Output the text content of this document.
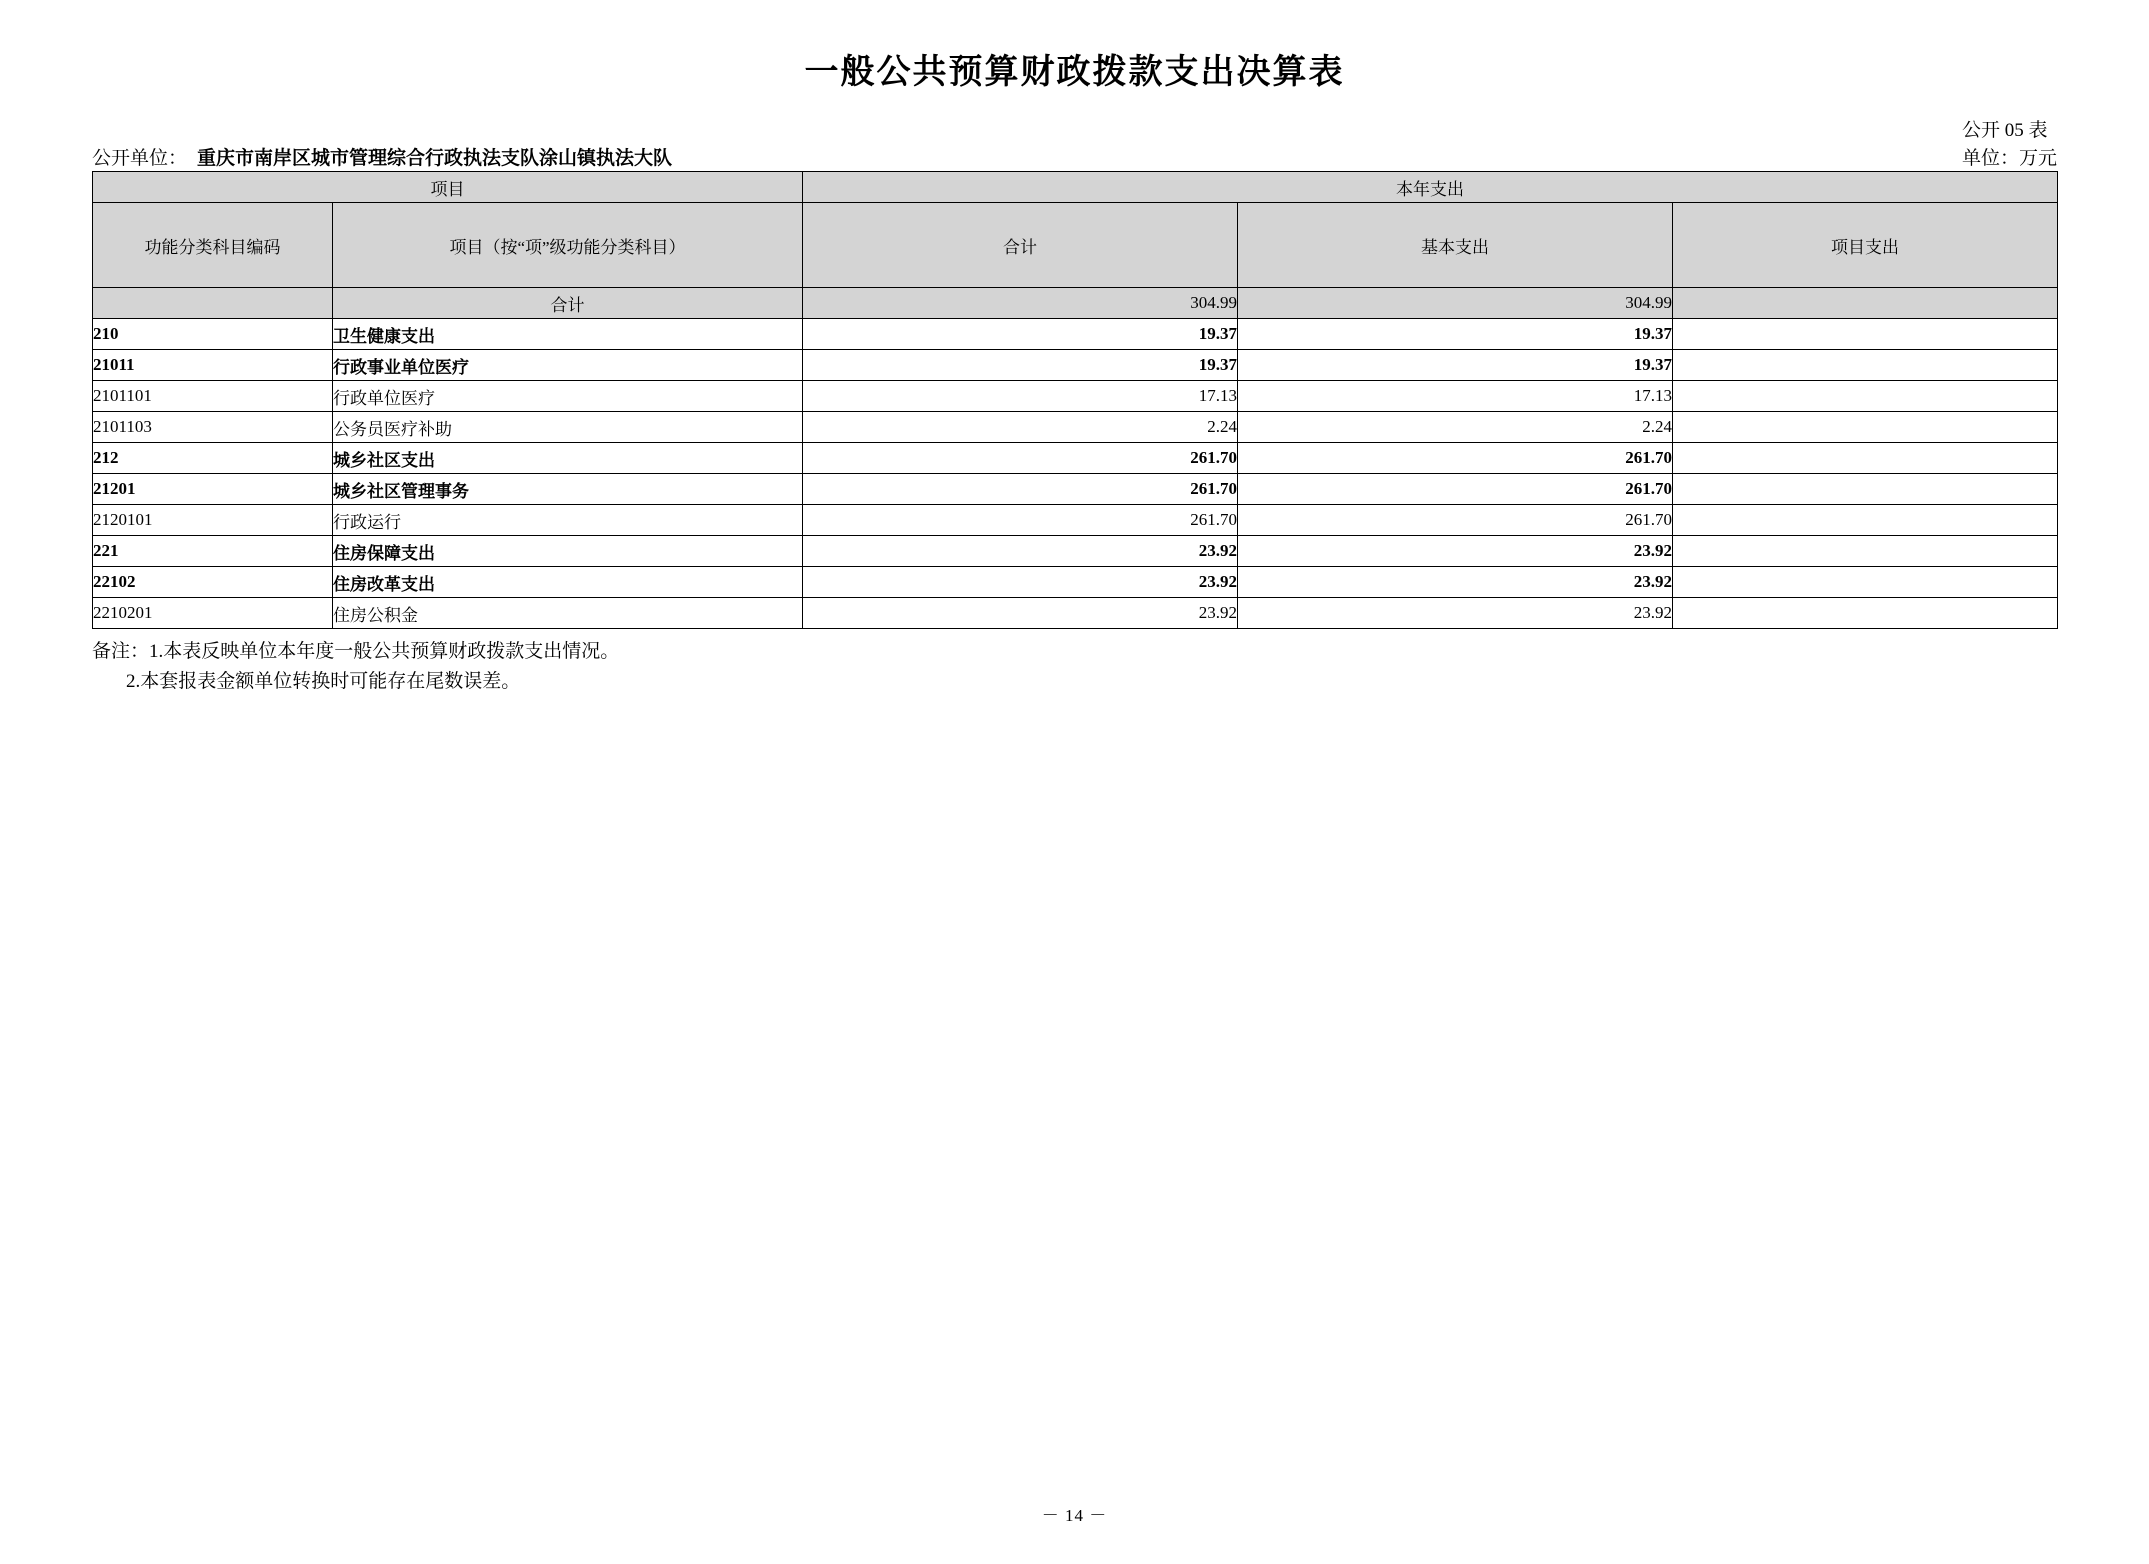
一般公共预算财政拨款支出决算表
公开单位： 重庆市南岸区城市管理综合行政执法支队涂山镇执法大队
公开 05 表
单位：万元
项目		本年支出		
功能分类科目编码	项目（按“项”级功能分类科目）	合计	基本支出	项目支出
	合计	304.99	304.99	
210	卫生健康支出	19.37	19.37	
21011	行政事业单位医疗	19.37	19.37	
2101101	行政单位医疗	17.13	17.13	
2101103	公务员医疗补助	2.24	2.24	
212	城乡社区支出	261.70	261.70	
21201	城乡社区管理事务	261.70	261.70	
2120101	行政运行	261.70	261.70	
221	住房保障支出	23.92	23.92	
22102	住房改革支出	23.92	23.92	
2210201	住房公积金	23.92	23.92	
备注：1.本表反映单位本年度一般公共预算财政拨款支出情况。
2.本套报表金额单位转换时可能存在尾数误差。
－ 14 －
